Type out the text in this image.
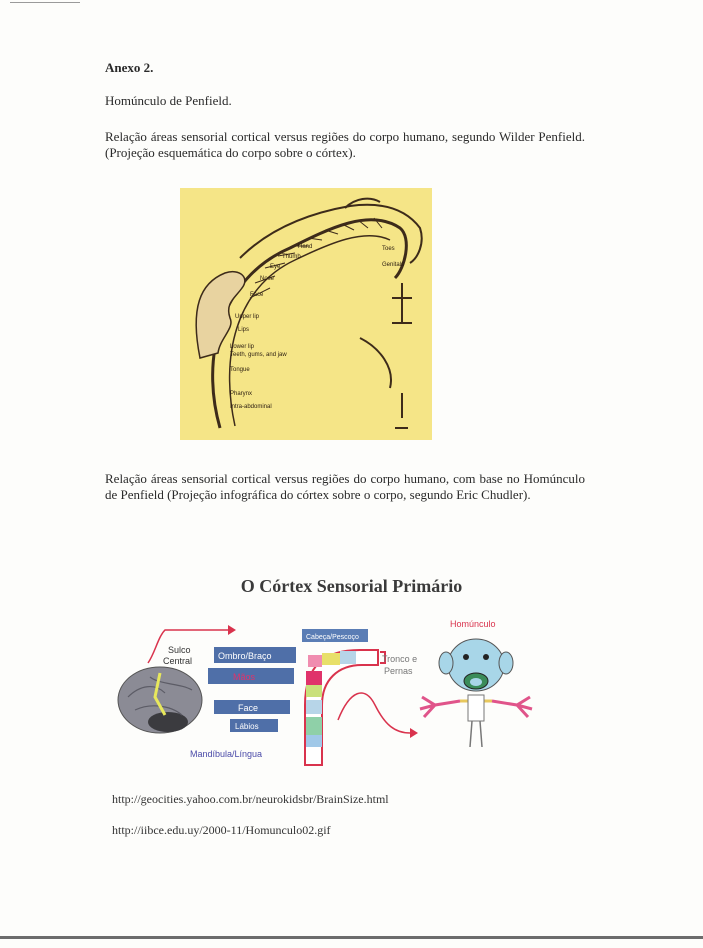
Anexo 2.
Homúnculo de Penfield.
Relação áreas sensorial cortical versus regiões do corpo humano, segundo Wilder Penfield. (Projeção esquemática do corpo sobre o córtex).
Toes
Genitals
Upper lip
Lips
Lower lip
Teeth, gums, and jaw
Tongue
Pharynx
Intra-abdominal
Face
Nose
Eye
Thumb
Hand
Relação áreas sensorial cortical versus regiões do corpo humano, com base no Homúnculo de Penfield (Projeção infográfica do córtex sobre o corpo, segundo Eric Chudler).
O Córtex Sensorial Primário
Sulco
Central
Cabeça/Pescoço
Ombro/Braço
Mãos
Face
Lábios
Mandíbula/Língua
Tronco e
Pernas
Homúnculo
http://geocities.yahoo.com.br/neurokidsbr/BrainSize.html
http://iibce.edu.uy/2000-11/Homunculo02.gif
